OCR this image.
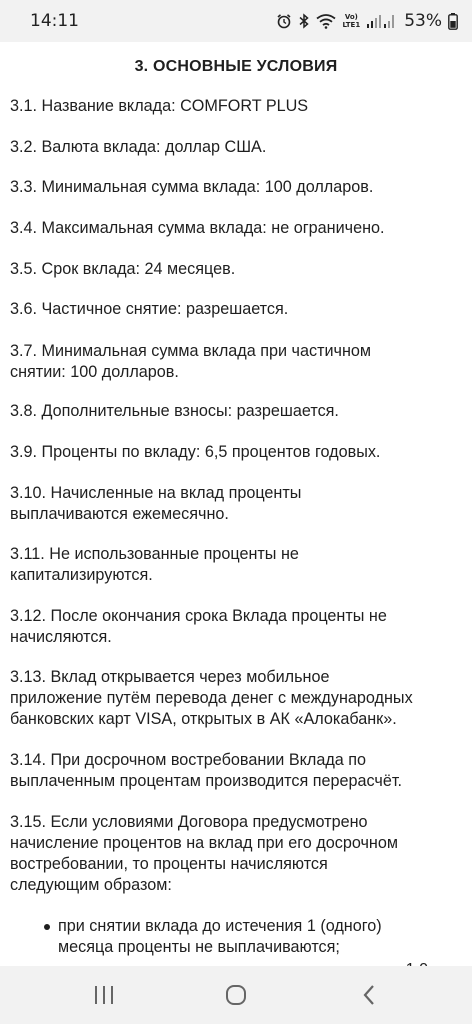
14:11	Vo)
LTE1	53%
3. ОСНОВНЫЕ УСЛОВИЯ

3.1. Название вклада: COMFORT PLUS

3.2. Валюта вклада: доллар США.

3.3. Минимальная сумма вклада: 100 долларов.

3.4. Максимальная сумма вклада: не ограничено.

3.5. Срок вклада: 24 месяцев.

3.6. Частичное снятие: разрешается.

3.7. Минимальная сумма вклада при частичном
снятии: 100 долларов.

3.8. Дополнительные взносы: разрешается.

3.9. Проценты по вкладу: 6,5 процентов годовых.

3.10. Начисленные на вклад проценты
выплачиваются ежемесячно.

3.11. Не использованные проценты не
капитализируются.

3.12. После окончания срока Вклада проценты не
начисляются.

3.13. Вклад открывается через мобильное
приложение путём перевода денег с международных
банковских карт VISA, открытых в АК «Алокабанк».

3.14. При досрочном востребовании Вклада по
выплаченным процентам производится перерасчёт.

3.15. Если условиями Договора предусмотрено
начисление процентов на вклад при его досрочном
востребовании, то проценты начисляются
следующим образом:

при снятии вклада до истечения 1 (одного)
месяца проценты не выплачиваются;
